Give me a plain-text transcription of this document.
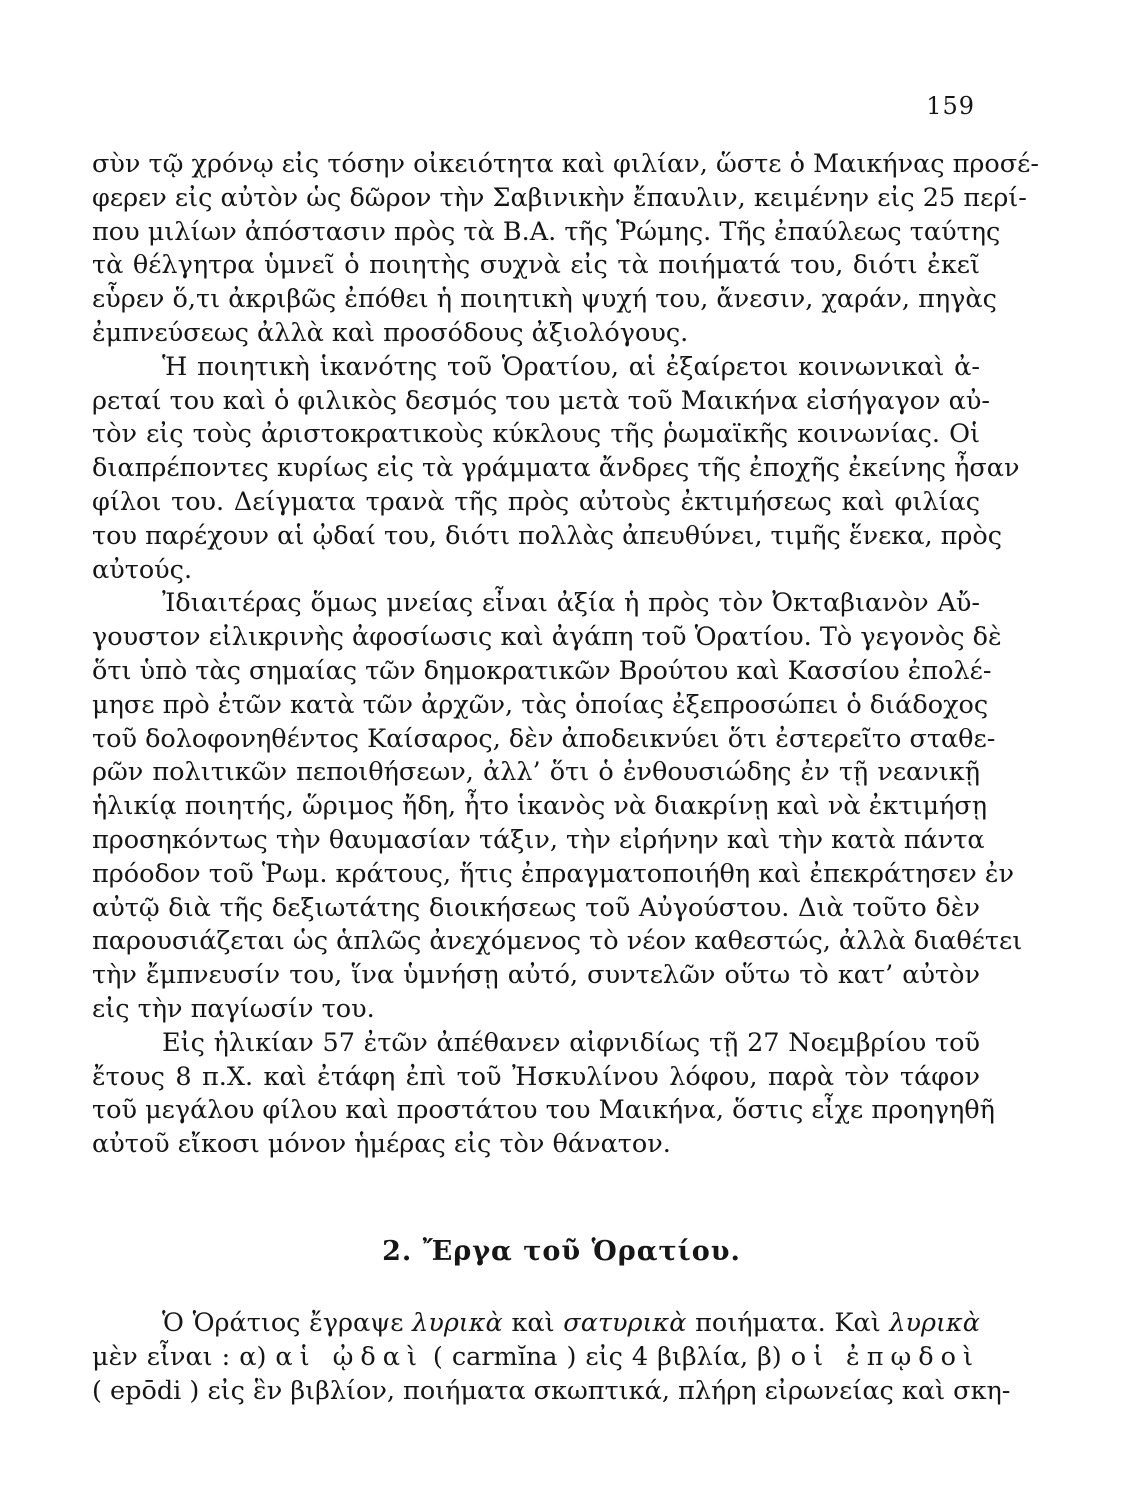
159
σὺν τῷ χρόνῳ εἰς τόσην οἰκειότητα καὶ φιλίαν, ὥστε ὁ Μαικήνας προσέ-
φερεν εἰς αὐτὸν ὡς δῶρον τὴν Σαβινικὴν ἔπαυλιν, κειμένην εἰς 25 περί-
που μιλίων ἀπόστασιν πρὸς τὰ Β.Α. τῆς Ῥώμης. Τῆς ἐπαύλεως ταύτης
τὰ θέλγητρα ὑμνεῖ ὁ ποιητὴς συχνὰ εἰς τὰ ποιήματά του, διότι ἐκεῖ
εὗρεν ὅ,τι ἀκριβῶς ἐπόθει ἡ ποιητικὴ ψυχή του, ἄνεσιν, χαράν, πηγὰς
ἐμπνεύσεως ἀλλὰ καὶ προσόδους ἀξιολόγους.
Ἡ ποιητικὴ ἱκανότης τοῦ Ὁρατίου, αἱ ἐξαίρετοι κοινωνικαὶ ἀ-
ρεταί του καὶ ὁ φιλικὸς δεσμός του μετὰ τοῦ Μαικήνα εἰσήγαγον αὐ-
τὸν εἰς τοὺς ἀριστοκρατικοὺς κύκλους τῆς ῥωμαϊκῆς κοινωνίας. Οἱ
διαπρέποντες κυρίως εἰς τὰ γράμματα ἄνδρες τῆς ἐποχῆς ἐκείνης ἦσαν
φίλοι του. Δείγματα τρανὰ τῆς πρὸς αὐτοὺς ἐκτιμήσεως καὶ φιλίας
του παρέχουν αἱ ᾠδαί του, διότι πολλὰς ἀπευθύνει, τιμῆς ἕνεκα, πρὸς
αὐτούς.
Ἰδιαιτέρας ὅμως μνείας εἶναι ἀξία ἡ πρὸς τὸν Ὀκταβιανὸν Αὔ-
γουστον εἰλικρινὴς ἀφοσίωσις καὶ ἀγάπη τοῦ Ὁρατίου. Τὸ γεγονὸς δὲ
ὅτι ὑπὸ τὰς σημαίας τῶν δημοκρατικῶν Βρούτου καὶ Κασσίου ἐπολέ-
μησε πρὸ ἐτῶν κατὰ τῶν ἀρχῶν, τὰς ὁποίας ἐξεπροσώπει ὁ διάδοχος
τοῦ δολοφονηθέντος Καίσαρος, δὲν ἀποδεικνύει ὅτι ἐστερεῖτο σταθε-
ρῶν πολιτικῶν πεποιθήσεων, ἀλλ’ ὅτι ὁ ἐνθουσιώδης ἐν τῇ νεανικῇ
ἡλικίᾳ ποιητής, ὥριμος ἤδη, ἦτο ἱκανὸς νὰ διακρίνῃ καὶ νὰ ἐκτιμήσῃ
προσηκόντως τὴν θαυμασίαν τάξιν, τὴν εἰρήνην καὶ τὴν κατὰ πάντα
πρόοδον τοῦ Ῥωμ. κράτους, ἥτις ἐπραγματοποιήθη καὶ ἐπεκράτησεν ἐν
αὐτῷ διὰ τῆς δεξιωτάτης διοικήσεως τοῦ Αὐγούστου. Διὰ τοῦτο δὲν
παρουσιάζεται ὡς ἁπλῶς ἀνεχόμενος τὸ νέον καθεστώς, ἀλλὰ διαθέτει
τὴν ἔμπνευσίν του, ἵνα ὑμνήσῃ αὐτό, συντελῶν οὕτω τὸ κατ’ αὐτὸν
εἰς τὴν παγίωσίν του.
Εἰς ἡλικίαν 57 ἐτῶν ἀπέθανεν αἰφνιδίως τῇ 27 Νοεμβρίου τοῦ
ἔτους 8 π.Χ. καὶ ἐτάφη ἐπὶ τοῦ Ἠσκυλίνου λόφου, παρὰ τὸν τάφον
τοῦ μεγάλου φίλου καὶ προστάτου του Μαικήνα, ὅστις εἶχε προηγηθῆ
αὐτοῦ εἴκοσι μόνον ἡμέρας εἰς τὸν θάνατον.
2. Ἔργα τοῦ Ὁρατίου.
Ὁ Ὁράτιος ἔγραψε λυρικὰ καὶ σατυρικὰ ποιήματα. Καὶ λυρικὰ
μὲν εἶναι : α) αἱ ᾠδαὶ ( carmĭna ) εἰς 4 βιβλία, β) οἱ ἐπῳδοὶ
( epōdi ) εἰς ἓν βιβλίον, ποιήματα σκωπτικά, πλήρη εἰρωνείας καὶ σκη-
